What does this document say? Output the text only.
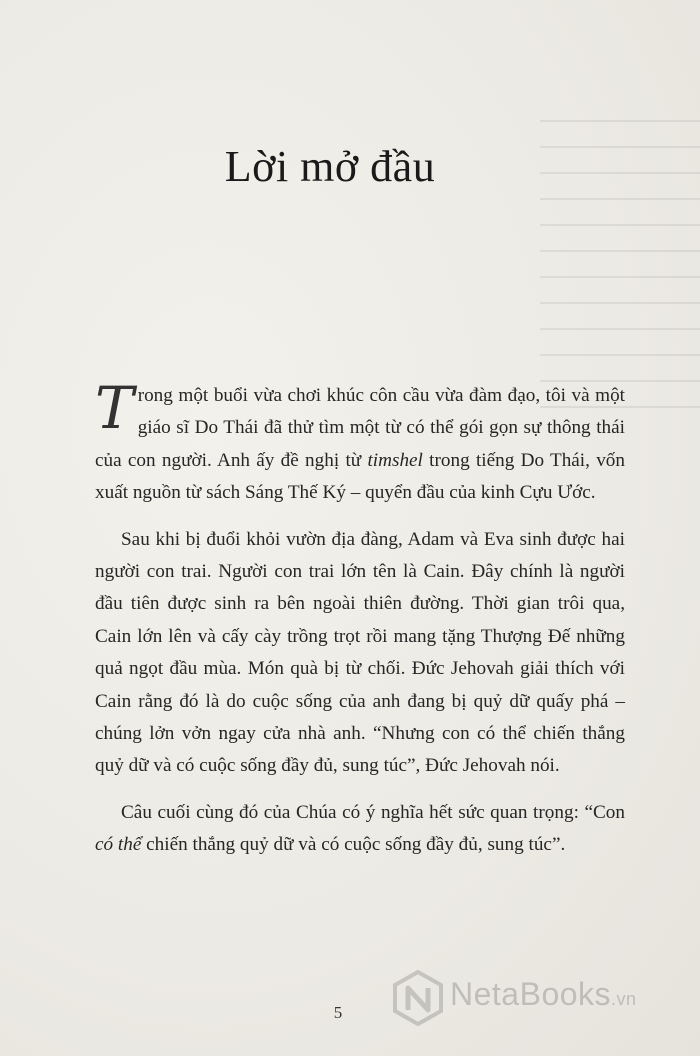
Lời mở đầu

Trong một buổi vừa chơi khúc côn cầu vừa đàm đạo, tôi và một giáo sĩ Do Thái đã thử tìm một từ có thể gói gọn sự thông thái của con người. Anh ấy đề nghị từ timshel trong tiếng Do Thái, vốn xuất nguồn từ sách Sáng Thế Ký – quyển đầu của kinh Cựu Ước.

Sau khi bị đuổi khỏi vườn địa đàng, Adam và Eva sinh được hai người con trai. Người con trai lớn tên là Cain. Đây chính là người đầu tiên được sinh ra bên ngoài thiên đường. Thời gian trôi qua, Cain lớn lên và cấy cày trồng trọt rồi mang tặng Thượng Đế những quả ngọt đầu mùa. Món quà bị từ chối. Đức Jehovah giải thích với Cain rằng đó là do cuộc sống của anh đang bị quỷ dữ quấy phá – chúng lởn vởn ngay cửa nhà anh. “Nhưng con có thể chiến thắng quỷ dữ và có cuộc sống đầy đủ, sung túc”, Đức Jehovah nói.

Câu cuối cùng đó của Chúa có ý nghĩa hết sức quan trọng: “Con có thể chiến thắng quỷ dữ và có cuộc sống đầy đủ, sung túc”.

5
NetaBooks.vn
